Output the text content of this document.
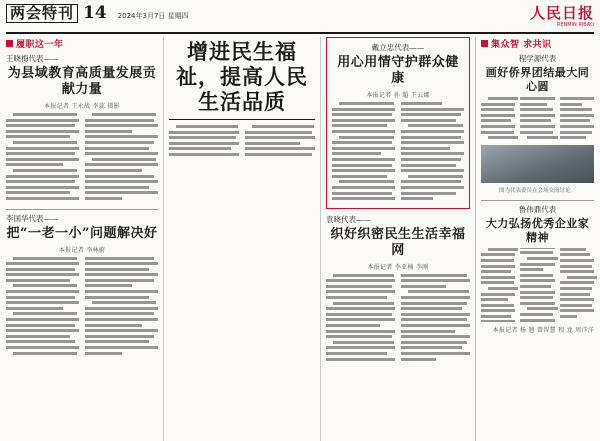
两会特刊 14 2024年3月7日 星期四	人民日报
RENMIN RIBAO
履职这一年
王晓梅代表——
为县域教育高质量发展贡献力量
本报记者 王永战 李蕊 摄影
李国华代表——
把“一老一小”问题解决好
本报记者 李林蔚
增进民生福祉，提高人民生活品质
戴立忠代表——
用心用情守护群众健康
本报记者 孙 超 王云娜
袁晓代表——
织好织密民生生活幸福网
本报记者 李亚楠 李刚
集众智 求共识
程学源代表
画好侨界团结最大同心圆
图为代表委员在会场交流讨论。
鲁伟鼎代表
大力弘扬优秀企业家精神
本报记者 杨 翘 曾智慧 程 龙 周洋洋
